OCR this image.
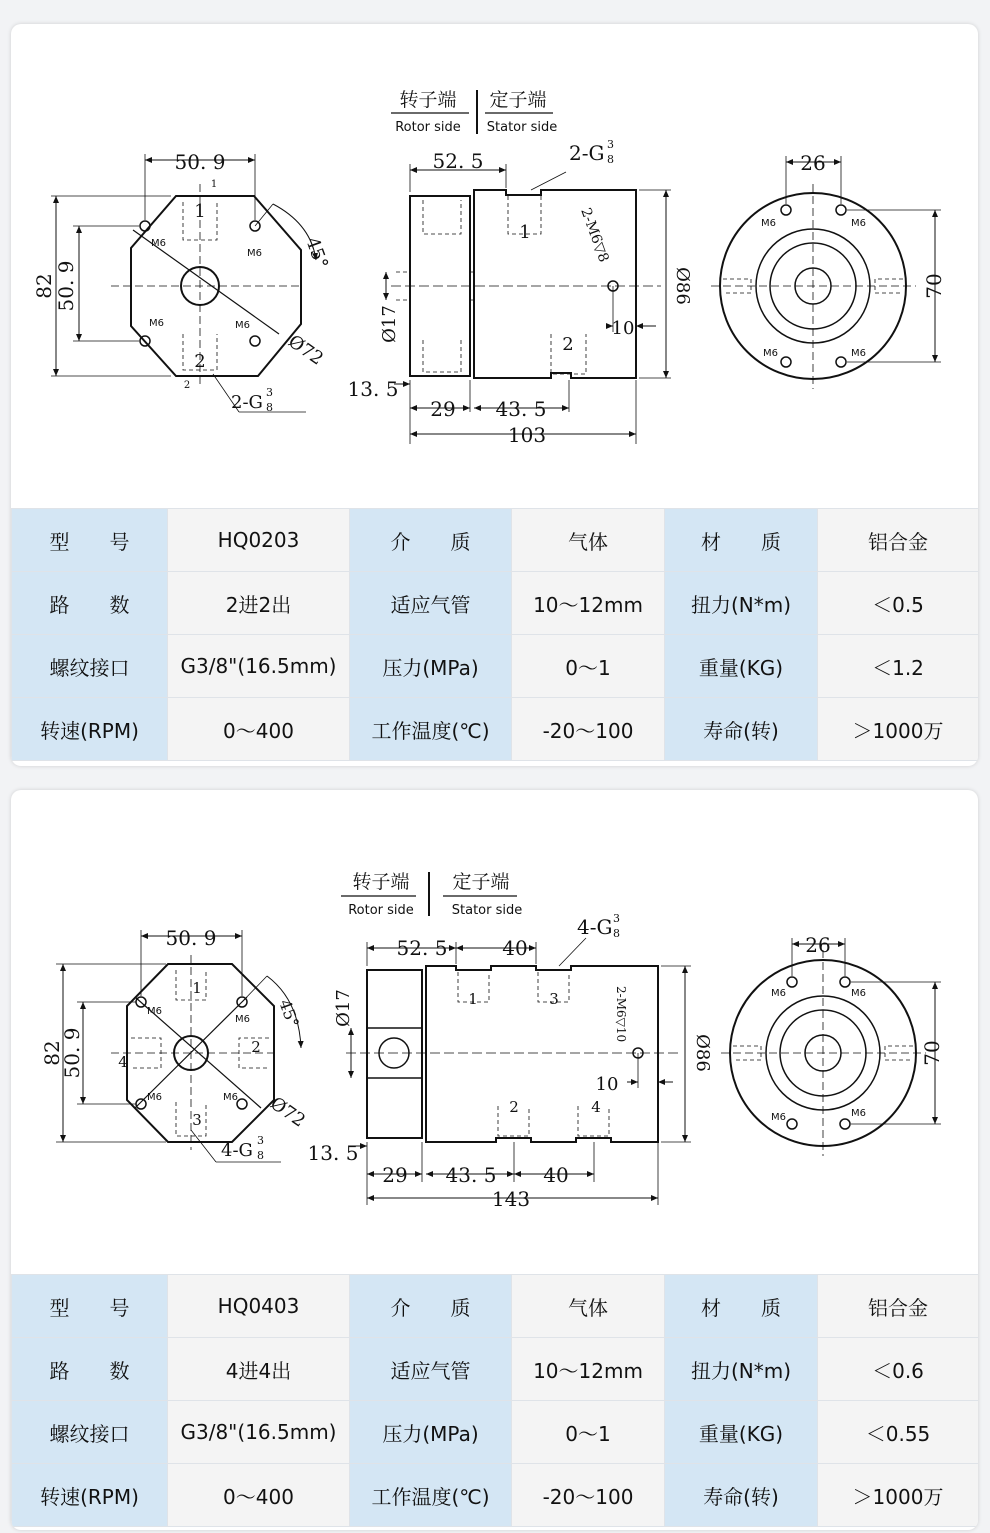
转子端 定子端
Rotor side Stator side
50. 9
82
50. 9
45°
Ø72
1
2
1
2
M6
M6
M6	M6
2-G 3
8
52. 5	2-G 3
8
2-M6▽8
Ø17
Ø86
10
13. 5
29 43. 5
103
1
2
26
70
M6	M6
M6	M6
型　　号	HQ0203	介　　质	气体	材　　质	铝合金
路　　数	2进2出	适应气管	10～12mm	扭力(N*m)	＜0.5
螺纹接口	G3/8"(16.5mm)	压力(MPa)	0～1	重量(KG)	＜1.2
转速(RPM)	0～400	工作温度(℃)	-20～100	寿命(转)	＞1000万
转子端 定子端
Rotor side	Stator side
50. 9
82
50. 9
45°
Ø72
1
2
3
4
M6
M6
M6	M6
4-G 3
8
52. 5	40
4-G 3
8
2-M6▽10
Ø17
Ø86
10
13. 5
29 43. 5 40
143
1	3
2	4
26
70
M6	M6
M6	M6
型　　号	HQ0403	介　　质	气体	材　　质	铝合金
路　　数	4进4出	适应气管	10～12mm	扭力(N*m)	＜0.6
螺纹接口	G3/8"(16.5mm)	压力(MPa)	0～1	重量(KG)	＜0.55
转速(RPM)	0～400	工作温度(℃)	-20～100	寿命(转)	＞1000万
